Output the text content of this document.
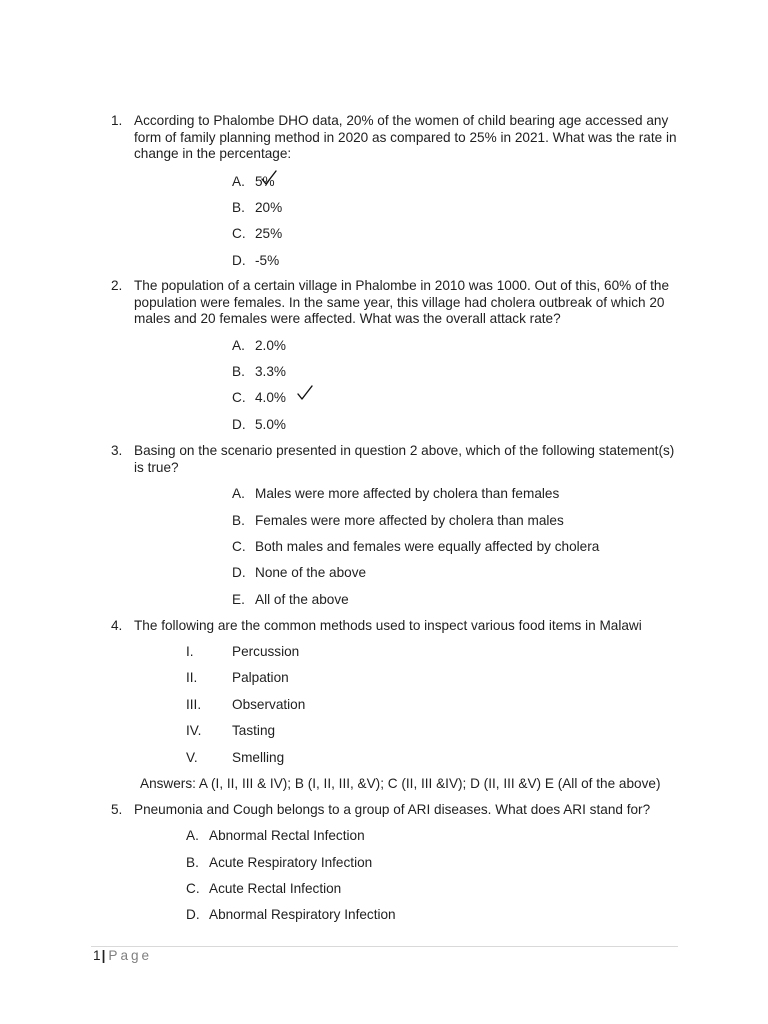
1. According to Phalombe DHO data, 20% of the women of child bearing age accessed any form of family planning method in 2020 as compared to 25% in 2021. What was the rate in change in the percentage:
A. 5%
B. 20%
C. 25%
D. -5%
2. The population of a certain village in Phalombe in 2010 was 1000. Out of this, 60% of the population were females. In the same year, this village had cholera outbreak of which 20 males and 20 females were affected. What was the overall attack rate?
A. 2.0%
B. 3.3%
C. 4.0%
D. 5.0%
3. Basing on the scenario presented in question 2 above, which of the following statement(s) is true?
A. Males were more affected by cholera than females
B. Females were more affected by cholera than males
C. Both males and females were equally affected by cholera
D. None of the above
E. All of the above
4. The following are the common methods used to inspect various food items in Malawi
I.	Percussion
II.	Palpation
III. Observation
IV. Tasting
V.	Smelling
Answers: A (I, II, III & IV); B (I, II, III, &V); C (II, III &IV); D (II, III &V) E (All of the above)
5. Pneumonia and Cough belongs to a group of ARI diseases. What does ARI stand for?
A. Abnormal Rectal Infection
B. Acute Respiratory Infection
C. Acute Rectal Infection
D. Abnormal Respiratory Infection
1| Page
